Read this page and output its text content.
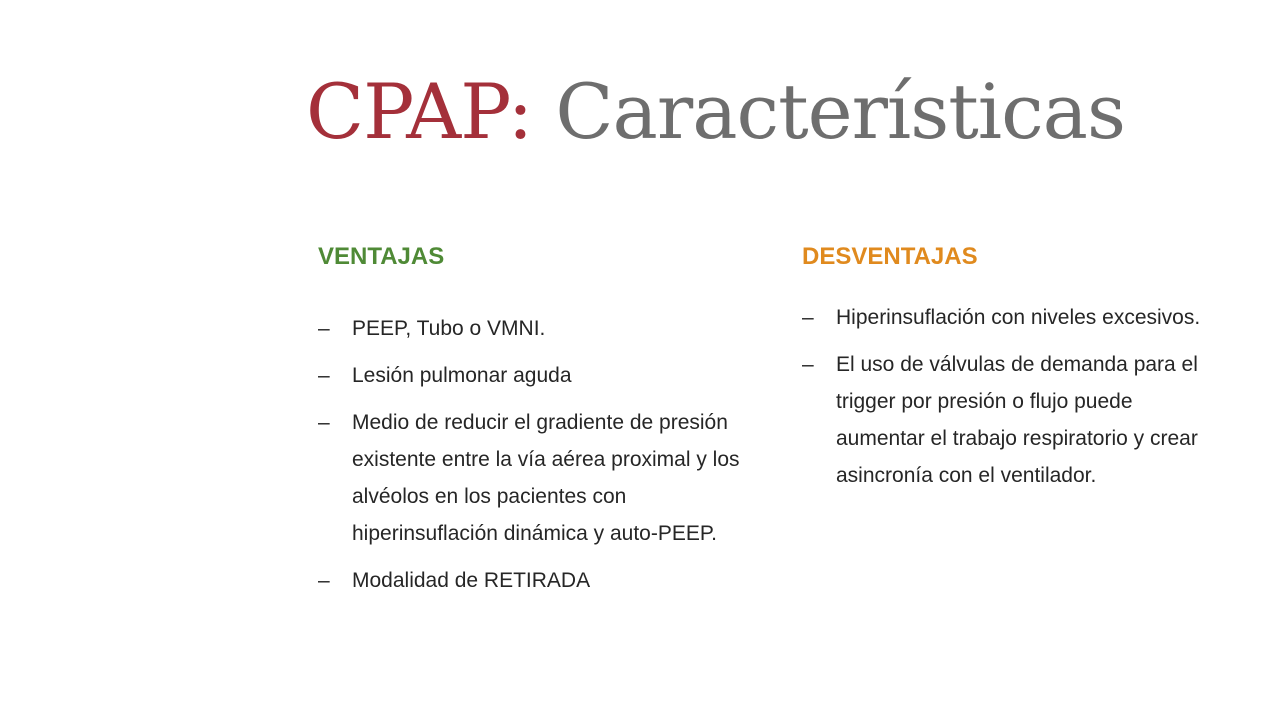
CPAP: Características
VENTAJAS
–	PEEP, Tubo o VMNI.
–	Lesión pulmonar aguda
–	Medio de reducir el gradiente de presión existente entre la vía aérea proximal y los alvéolos en los pacientes con hiperinsuflación dinámica y auto-PEEP.
–	Modalidad de RETIRADA
DESVENTAJAS
–	Hiperinsuflación con niveles excesivos.
–	El uso de válvulas de demanda para el trigger por presión o flujo puede aumentar el trabajo respiratorio y crear asincronía con el ventilador.
